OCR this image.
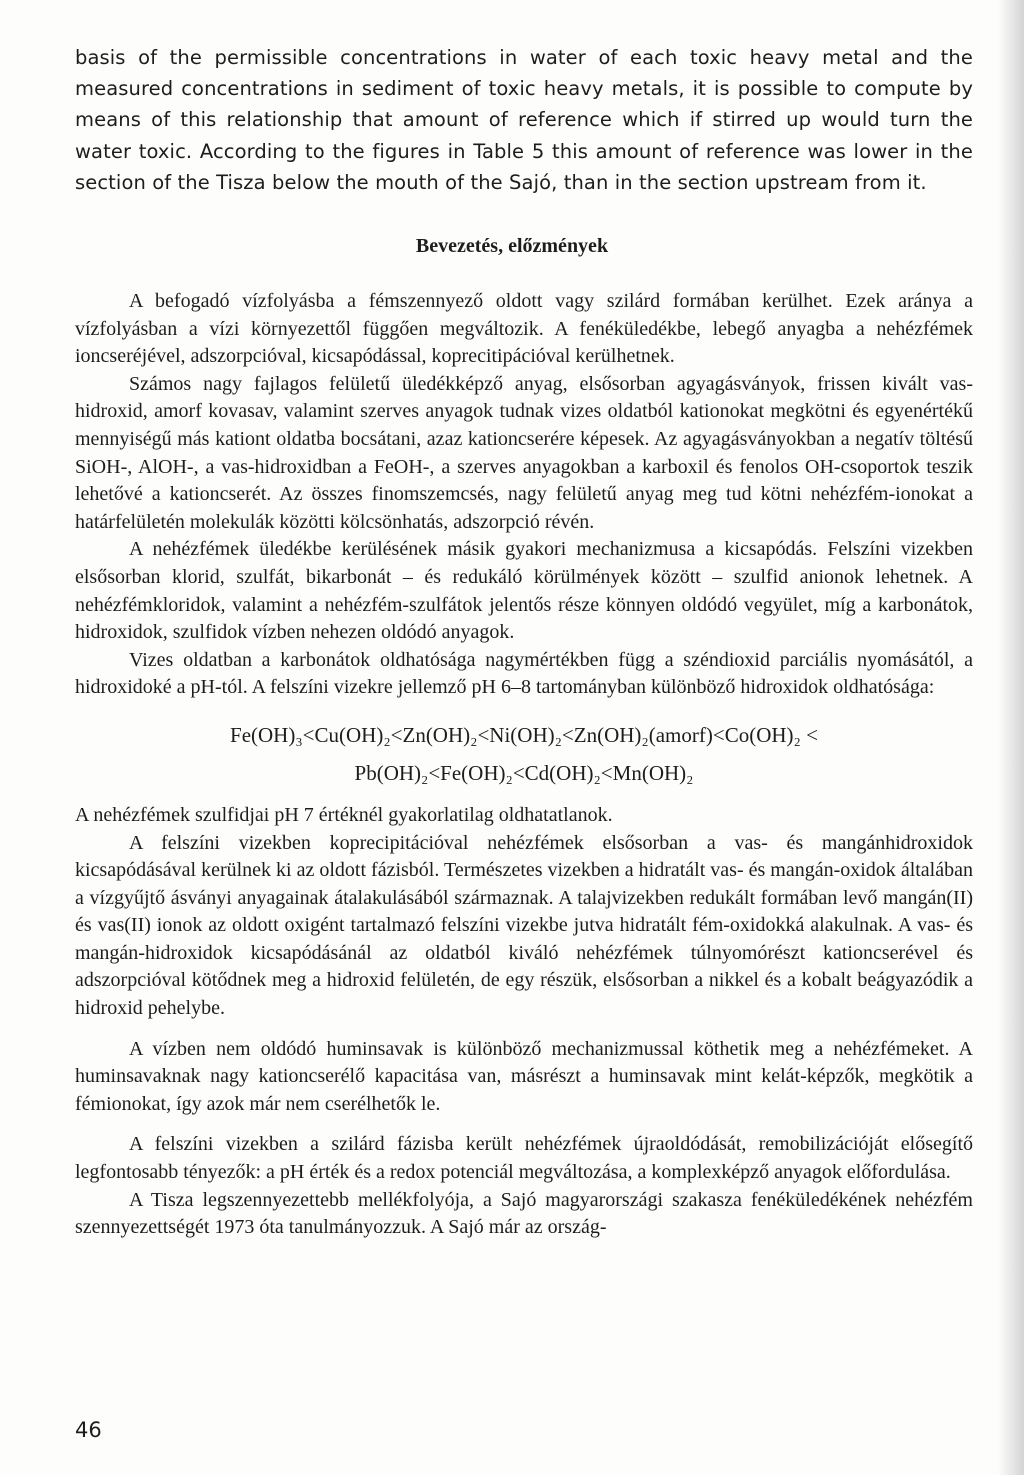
basis of the permissible concentrations in water of each toxic heavy metal and the measured concentrations in sediment of toxic heavy metals, it is possible to compute by means of this relationship that amount of reference which if stirred up would turn the water toxic. According to the figures in Table 5 this amount of reference was lower in the section of the Tisza below the mouth of the Sajó, than in the section upstream from it.

Bevezetés, előzmények

A befogadó vízfolyásba a fémszennyező oldott vagy szilárd formában kerülhet. Ezek aránya a vízfolyásban a vízi környezettől függően megváltozik. A fenéküledékbe, lebegő anyagba a nehézfémek ioncseréjével, adszorpcióval, kicsapódással, koprecitipációval kerülhetnek.

Számos nagy fajlagos felületű üledékképző anyag, elsősorban agyagásványok, frissen kivált vas-hidroxid, amorf kovasav, valamint szerves anyagok tudnak vizes oldatból kationokat megkötni és egyenértékű mennyiségű más kationt oldatba bocsátani, azaz kationcserére képesek. Az agyagásványokban a negatív töltésű SiOH-, AlOH-, a vas-hidroxidban a FeOH-, a szerves anyagokban a karboxil és fenolos OH-csoportok teszik lehetővé a kationcserét. Az összes finomszemcsés, nagy felületű anyag meg tud kötni nehézfém-ionokat a határfelületén molekulák közötti kölcsönhatás, adszorpció révén.

A nehézfémek üledékbe kerülésének másik gyakori mechanizmusa a kicsapódás. Felszíni vizekben elsősorban klorid, szulfát, bikarbonát – és redukáló körülmények között – szulfid anionok lehetnek. A nehézfémkloridok, valamint a nehézfém-szulfátok jelentős része könnyen oldódó vegyület, míg a karbonátok, hidroxidok, szulfidok vízben nehezen oldódó anyagok.

Vizes oldatban a karbonátok oldhatósága nagymértékben függ a széndioxid parciális nyomásától, a hidroxidoké a pH-tól. A felszíni vizekre jellemző pH 6–8 tartományban különböző hidroxidok oldhatósága:

Fe(OH)₃<Cu(OH)₂<Zn(OH)₂<Ni(OH)₂<Zn(OH)₂(amorf)<Co(OH)₂ <
Pb(OH)₂<Fe(OH)₂<Cd(OH)₂<Mn(OH)₂

A nehézfémek szulfidjai pH 7 értéknél gyakorlatilag oldhatatlanok.

A felszíni vizekben koprecipitációval nehézfémek elsősorban a vas- és mangánhidroxidok kicsapódásával kerülnek ki az oldott fázisból. Természetes vizekben a hidratált vas- és mangán-oxidok általában a vízgyűjtő ásványi anyagainak átalakulásából származnak. A talajvizekben redukált formában levő mangán(II) és vas(II) ionok az oldott oxigént tartalmazó felszíni vizekbe jutva hidratált fém-oxidokká alakulnak. A vas- és mangán-hidroxidok kicsapódásánál az oldatból kiváló nehézfémek túlnyomórészt kationcserével és adszorpcióval kötődnek meg a hidroxid felületén, de egy részük, elsősorban a nikkel és a kobalt beágyazódik a hidroxid pehelybe.

A vízben nem oldódó huminsavak is különböző mechanizmussal köthetik meg a nehézfémeket. A huminsavaknak nagy kationcserélő kapacitása van, másrészt a huminsavak mint kelát-képzők, megkötik a fémionokat, így azok már nem cserélhetők le.

A felszíni vizekben a szilárd fázisba került nehézfémek újraoldódását, remobilizációját elősegítő legfontosabb tényezők: a pH érték és a redox potenciál megváltozása, a komplexképző anyagok előfordulása.

A Tisza legszennyezettebb mellékfolyója, a Sajó magyarországi szakasza fenéküledékének nehézfém szennyezettségét 1973 óta tanulmányozzuk. A Sajó már az ország-

46
